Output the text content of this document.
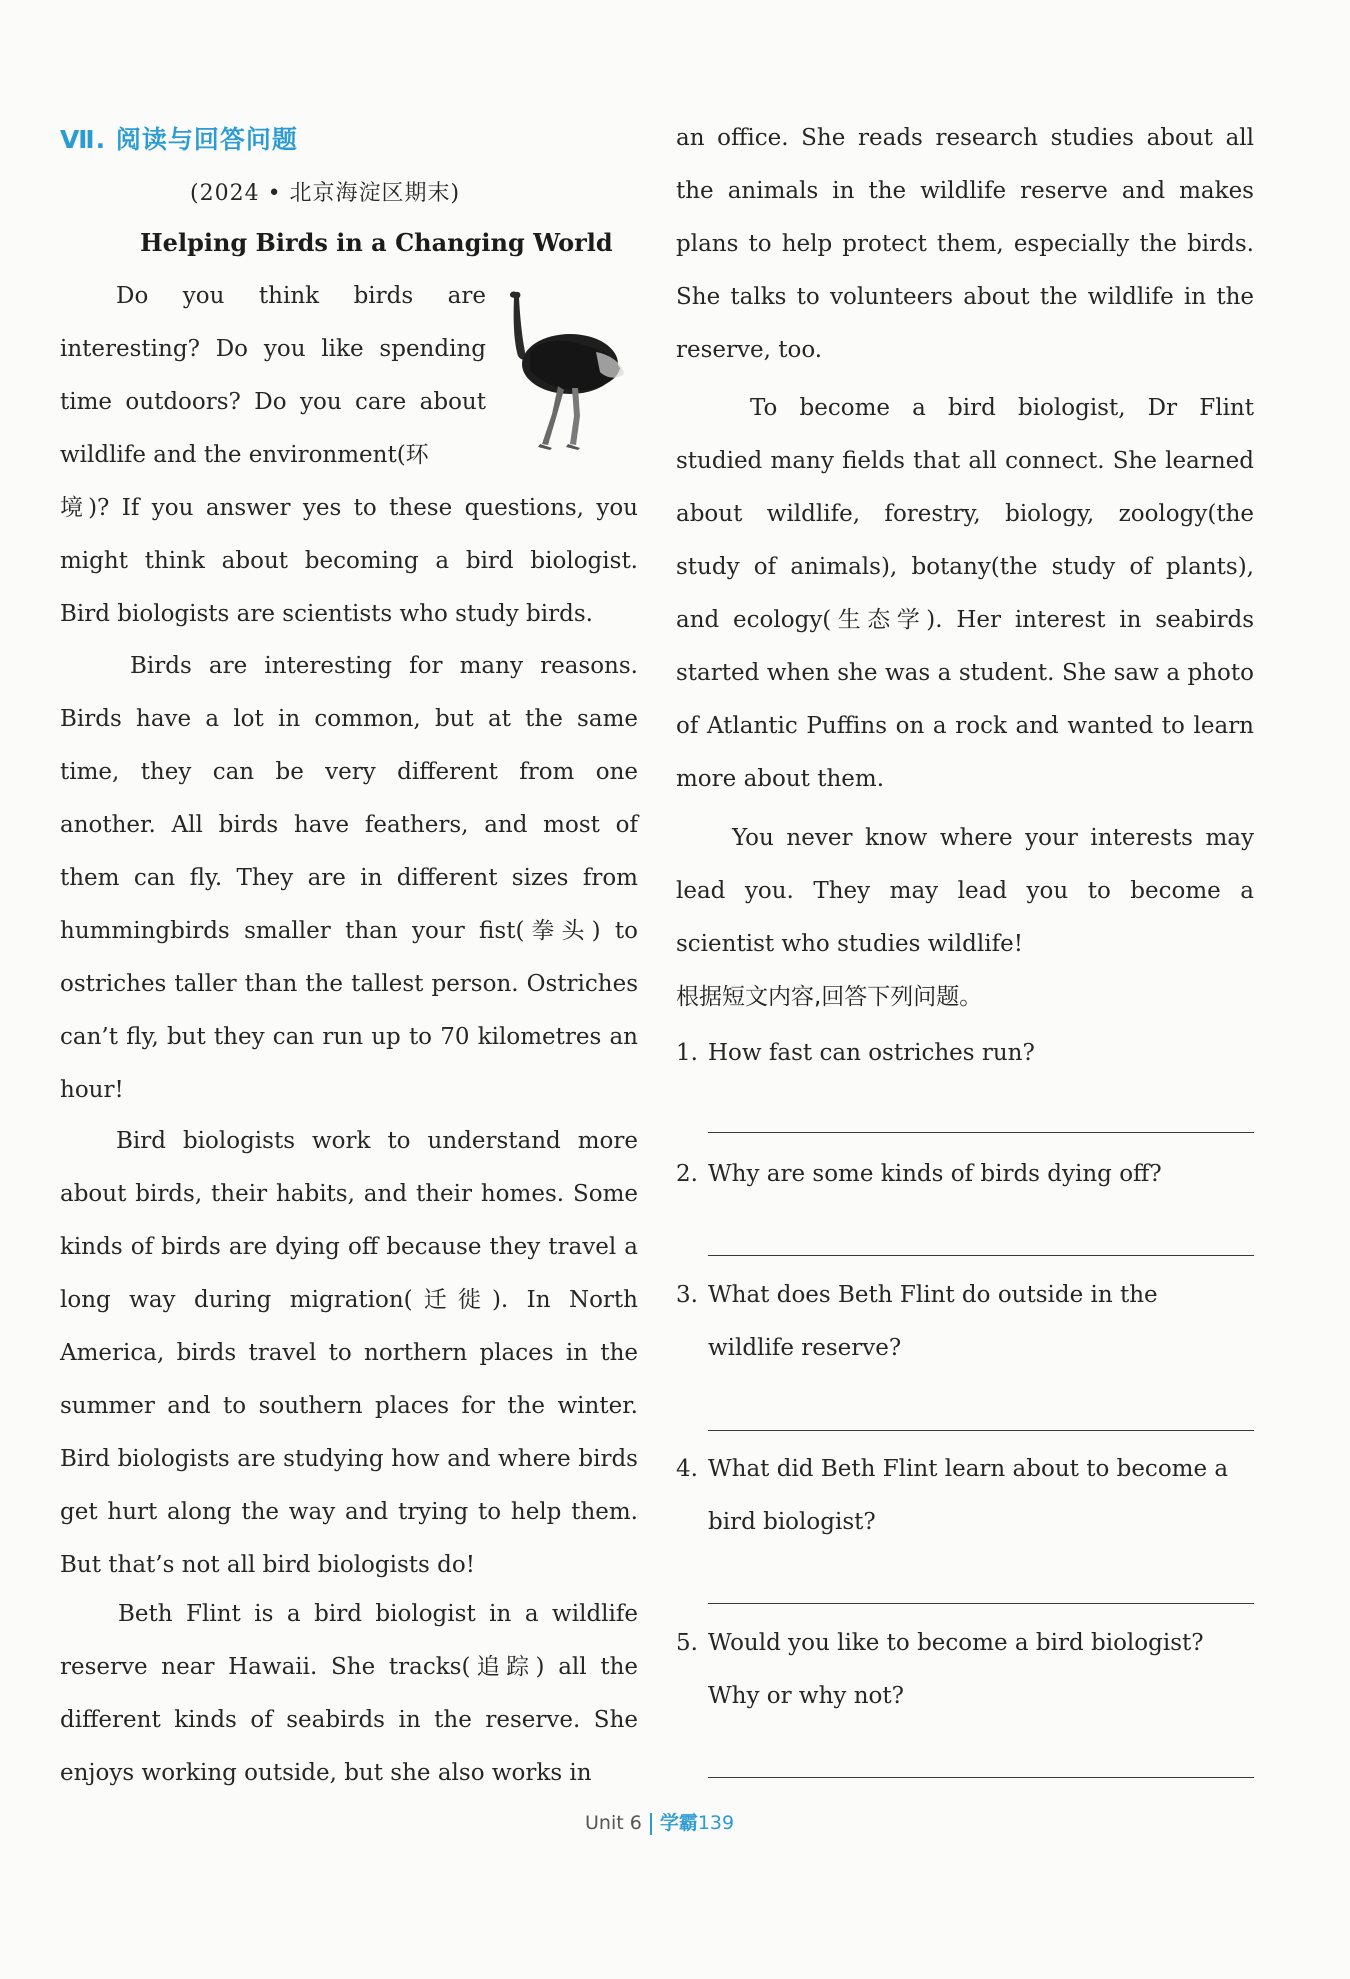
Ⅶ. 阅读与回答问题
(2024 • 北京海淀区期末)
Helping Birds in a Changing World

Do you think birds are interesting? Do you like spending time outdoors? Do you care about wildlife and the environment(环

境)? If you answer yes to these questions, you might think about becoming a bird biologist. Bird biologists are scientists who study birds.

Birds are interesting for many reasons. Birds have a lot in common, but at the same time, they can be very different from one another. All birds have feathers, and most of them can fly. They are in different sizes from hummingbirds smaller than your fist(拳头) to ostriches taller than the tallest person. Ostriches can’t fly, but they can run up to 70 kilometres an hour!

Bird biologists work to understand more about birds, their habits, and their homes. Some kinds of birds are dying off because they travel a long way during migration(迁徙). In North America, birds travel to northern places in the summer and to southern places for the winter. Bird biologists are studying how and where birds get hurt along the way and trying to help them. But that’s not all bird biologists do!

Beth Flint is a bird biologist in a wildlife reserve near Hawaii. She tracks(追踪) all the different kinds of seabirds in the reserve. She enjoys working outside, but she also works in

an office. She reads research studies about all the animals in the wildlife reserve and makes plans to help protect them, especially the birds. She talks to volunteers about the wildlife in the reserve, too.

To become a bird biologist, Dr Flint studied many fields that all connect. She learned about wildlife, forestry, biology, zoology(the study of animals), botany(the study of plants), and ecology(生态学). Her interest in seabirds started when she was a student. She saw a photo of Atlantic Puffins on a rock and wanted to learn more about them.

You never know where your interests may lead you. They may lead you to become a scientist who studies wildlife!

根据短文内容,回答下列问题。
1. How fast can ostriches run?
2. Why are some kinds of birds dying off?
3. What does Beth Flint do outside in the
wildlife reserve?
4. What did Beth Flint learn about to become a
bird biologist?
5. Would you like to become a bird biologist?
Why or why not?
Unit 6 学霸139
